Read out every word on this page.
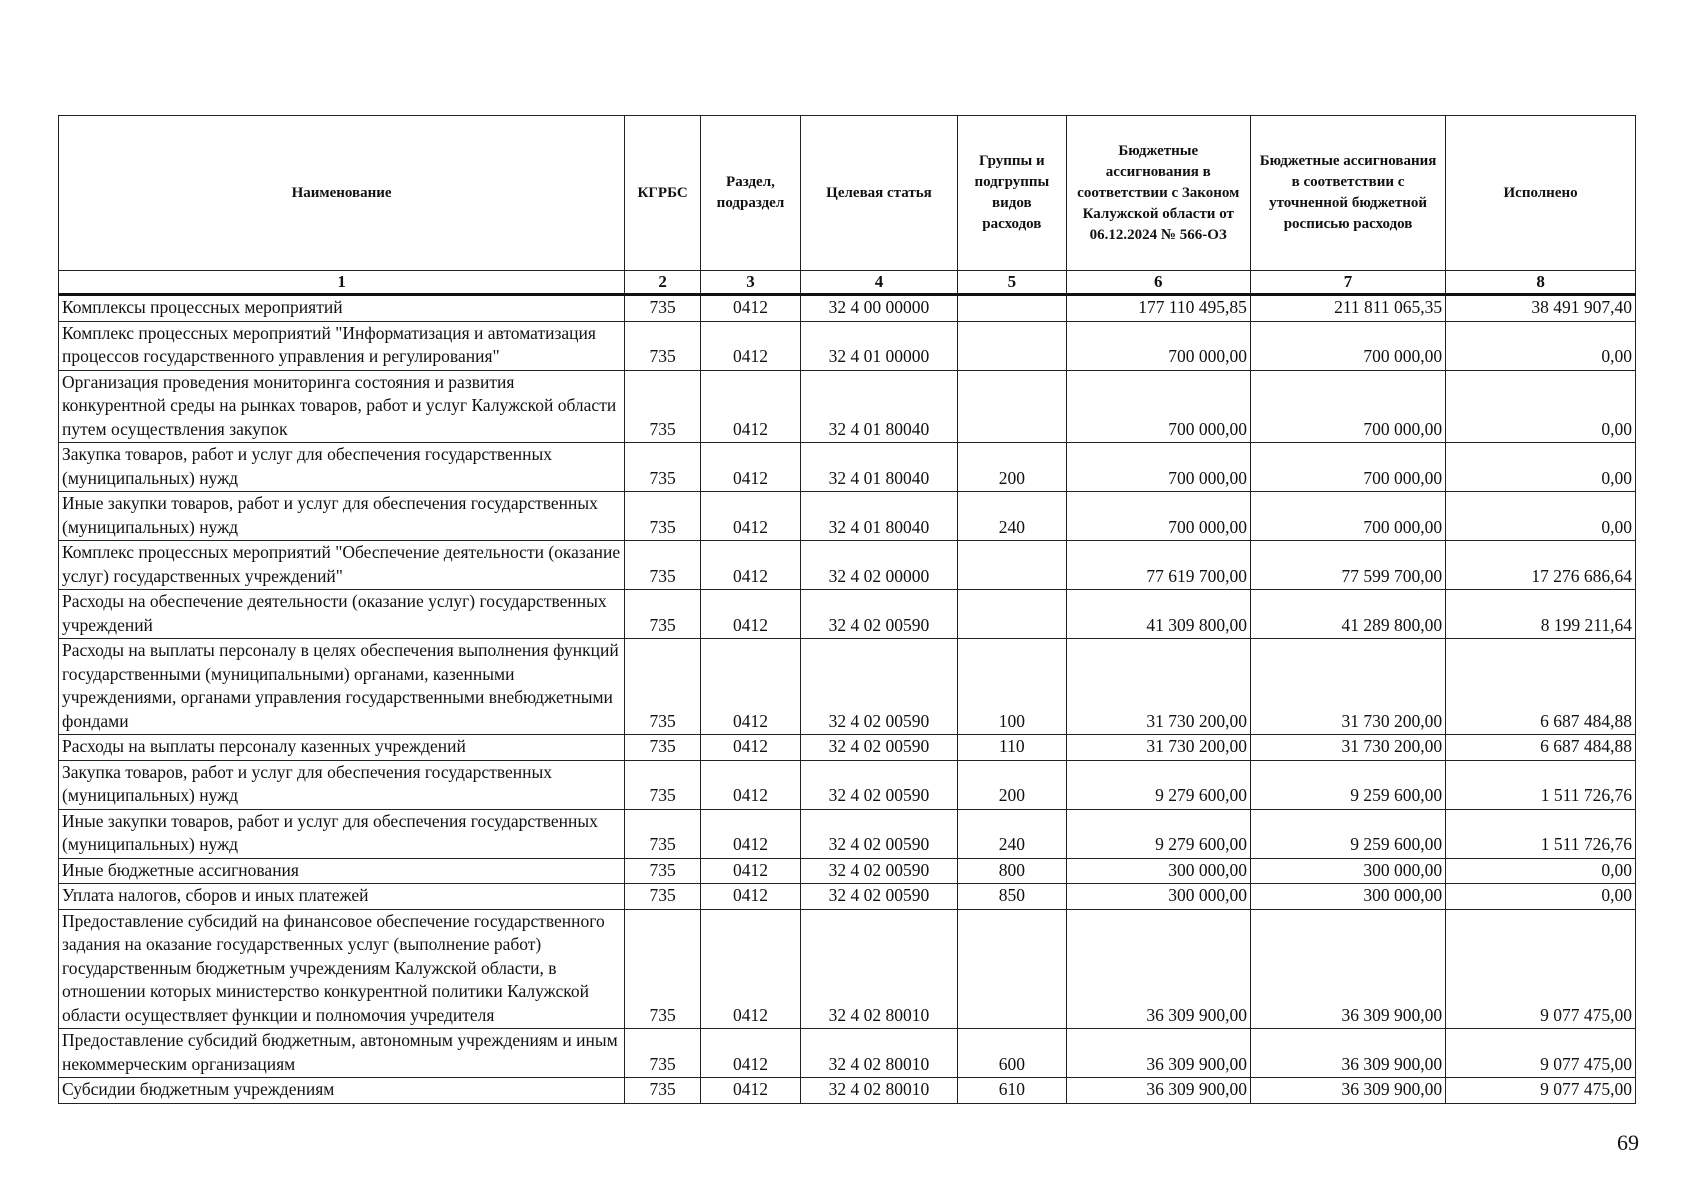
Наименование	КГРБС	Раздел, подраздел	Целевая статья	Группы и подгруппы видов расходов	Бюджетные ассигнования в соответствии с Законом Калужской области от 06.12.2024 № 566-ОЗ	Бюджетные ассигнования в соответствии с уточненной бюджетной росписью расходов	Исполнено
1	2	3	4	5	6	7	8
Комплексы процессных мероприятий	735	0412	32 4 00 00000		177 110 495,85	211 811 065,35	38 491 907,40
Комплекс процессных мероприятий "Информатизация и автоматизация процессов государственного управления и регулирования"	735	0412	32 4 01 00000		700 000,00	700 000,00	0,00
Организация проведения мониторинга состояния и развития конкурентной среды на рынках товаров, работ и услуг Калужской области путем осуществления закупок	735	0412	32 4 01 80040		700 000,00	700 000,00	0,00
Закупка товаров, работ и услуг для обеспечения государственных (муниципальных) нужд	735	0412	32 4 01 80040	200	700 000,00	700 000,00	0,00
Иные закупки товаров, работ и услуг для обеспечения государственных (муниципальных) нужд	735	0412	32 4 01 80040	240	700 000,00	700 000,00	0,00
Комплекс процессных мероприятий "Обеспечение деятельности (оказание услуг) государственных учреждений"	735	0412	32 4 02 00000		77 619 700,00	77 599 700,00	17 276 686,64
Расходы на обеспечение деятельности (оказание услуг) государственных учреждений	735	0412	32 4 02 00590		41 309 800,00	41 289 800,00	8 199 211,64
Расходы на выплаты персоналу в целях обеспечения выполнения функций государственными (муниципальными) органами, казенными учреждениями, органами управления государственными внебюджетными фондами	735	0412	32 4 02 00590	100	31 730 200,00	31 730 200,00	6 687 484,88
Расходы на выплаты персоналу казенных учреждений	735	0412	32 4 02 00590	110	31 730 200,00	31 730 200,00	6 687 484,88
Закупка товаров, работ и услуг для обеспечения государственных (муниципальных) нужд	735	0412	32 4 02 00590	200	9 279 600,00	9 259 600,00	1 511 726,76
Иные закупки товаров, работ и услуг для обеспечения государственных (муниципальных) нужд	735	0412	32 4 02 00590	240	9 279 600,00	9 259 600,00	1 511 726,76
Иные бюджетные ассигнования	735	0412	32 4 02 00590	800	300 000,00	300 000,00	0,00
Уплата налогов, сборов и иных платежей	735	0412	32 4 02 00590	850	300 000,00	300 000,00	0,00
Предоставление субсидий на финансовое обеспечение государственного задания на оказание государственных услуг (выполнение работ) государственным бюджетным учреждениям Калужской области, в отношении которых министерство конкурентной политики Калужской области осуществляет функции и полномочия учредителя	735	0412	32 4 02 80010		36 309 900,00	36 309 900,00	9 077 475,00
Предоставление субсидий бюджетным, автономным учреждениям и иным некоммерческим организациям	735	0412	32 4 02 80010	600	36 309 900,00	36 309 900,00	9 077 475,00
Субсидии бюджетным учреждениям	735	0412	32 4 02 80010	610	36 309 900,00	36 309 900,00	9 077 475,00
69
